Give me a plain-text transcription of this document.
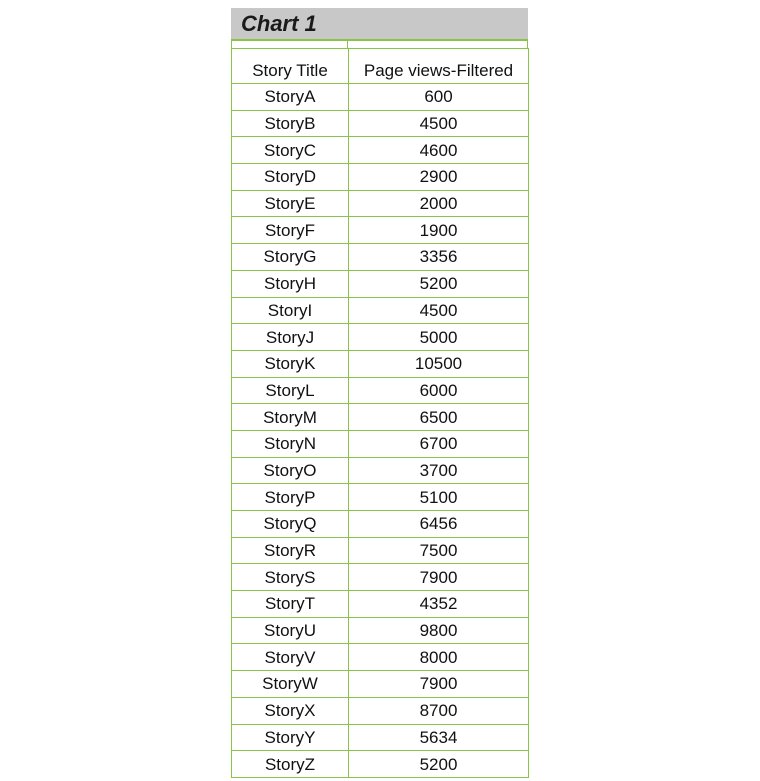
Chart 1
Story Title	Page views-Filtered
StoryA	600
StoryB	4500
StoryC	4600
StoryD	2900
StoryE	2000
StoryF	1900
StoryG	3356
StoryH	5200
StoryI	4500
StoryJ	5000
StoryK	10500
StoryL	6000
StoryM	6500
StoryN	6700
StoryO	3700
StoryP	5100
StoryQ	6456
StoryR	7500
StoryS	7900
StoryT	4352
StoryU	9800
StoryV	8000
StoryW	7900
StoryX	8700
StoryY	5634
StoryZ	5200
